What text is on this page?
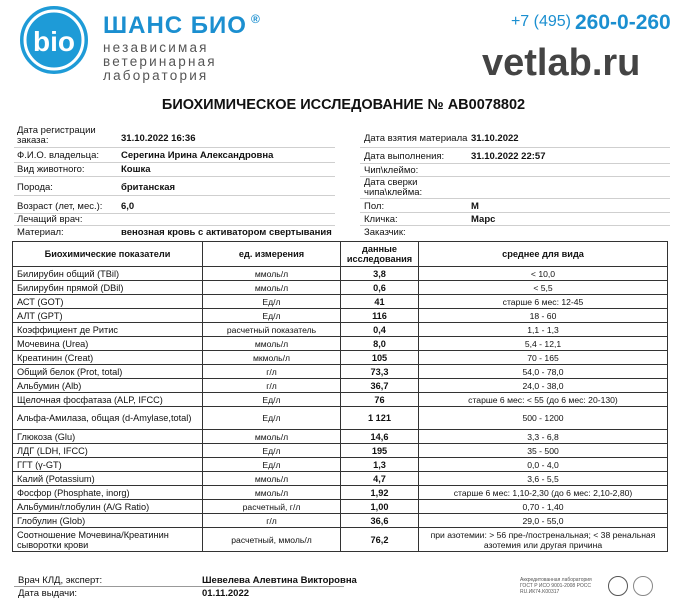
bio
ШАНС БИО ®
независимая
ветеринарная
лаборатория
+7 (495) 260-0-260
vetlab.ru
БИОХИМИЧЕСКОЕ ИССЛЕДОВАНИЕ № AB0078802
Дата регистрации заказа:	31.10.2022 16:36
Ф.И.О. владельца: Серегина Ирина Александровна
Вид животного:	Кошка
Порода:	британская
Возраст (лет, мес.): 6,0
Лечащий врач:
Материал:	венозная кровь с активатором свертывания
Дата взятия материала 31.10.2022
Дата выполнения:	31.10.2022 22:57
Чип\клеймо:
Дата сверки чипа\клейма:
Пол:	М
Кличка:	Марс
Заказчик:
Биохимические показатели	ед. измерения	данные исследования	среднее для вида
Билирубин общий (TBil)	ммоль/л	3,8	< 10,0
Билирубин прямой (DBil)	ммоль/л	0,6	< 5,5
АСТ (GOT)	Ед/л	41	старше 6 мес: 12-45
АЛТ (GPT)	Ед/л	116	18 - 60
Коэффициент де Ритис	расчетный показатель	0,4	1,1 - 1,3
Мочевина (Urea)	ммоль/л	8,0	5,4 - 12,1
Креатинин (Creat)	мкмоль/л	105	70 - 165
Общий белок (Prot, total)	г/л	73,3	54,0 - 78,0
Альбумин (Alb)	г/л	36,7	24,0 - 38,0
Щелочная фосфатаза (ALP, IFCC)	Ед/л	76	старше 6 мес: < 55 (до 6 мес: 20-130)
Альфа-Амилаза, общая (d-Amylase,total)	Ед/л	1 121	500 - 1200
Глюкоза (Glu)	ммоль/л	14,6	3,3 - 6,8
ЛДГ (LDH, IFCC)	Ед/л	195	35 - 500
ГГТ (γ-GT)	Ед/л	1,3	0,0 - 4,0
Калий (Potassium)	ммоль/л	4,7	3,6 - 5,5
Фосфор (Phosphate, inorg)	ммоль/л	1,92	старше 6 мес: 1,10-2,30 (до 6 мес: 2,10-2,80)
Альбумин/глобулин (A/G Ratio)	расчетный, г/л	1,00	0,70 - 1,40
Глобулин (Glob)	г/л	36,6	29,0 - 55,0
Соотношение Мочевина/Креатинин сыворотки крови	расчетный, ммоль/л	76,2	при азотемии: > 56 пре-/постренальная; < 38 ренальная азотемия или другая причина
Врач КЛД, эксперт:	Шевелева Алевтина Викторовна
Дата выдачи:	01.11.2022
Аккредитованная лаборатория ГОСТ Р ИСО 9001-2008 РОСС RU.ИК74.K00317
